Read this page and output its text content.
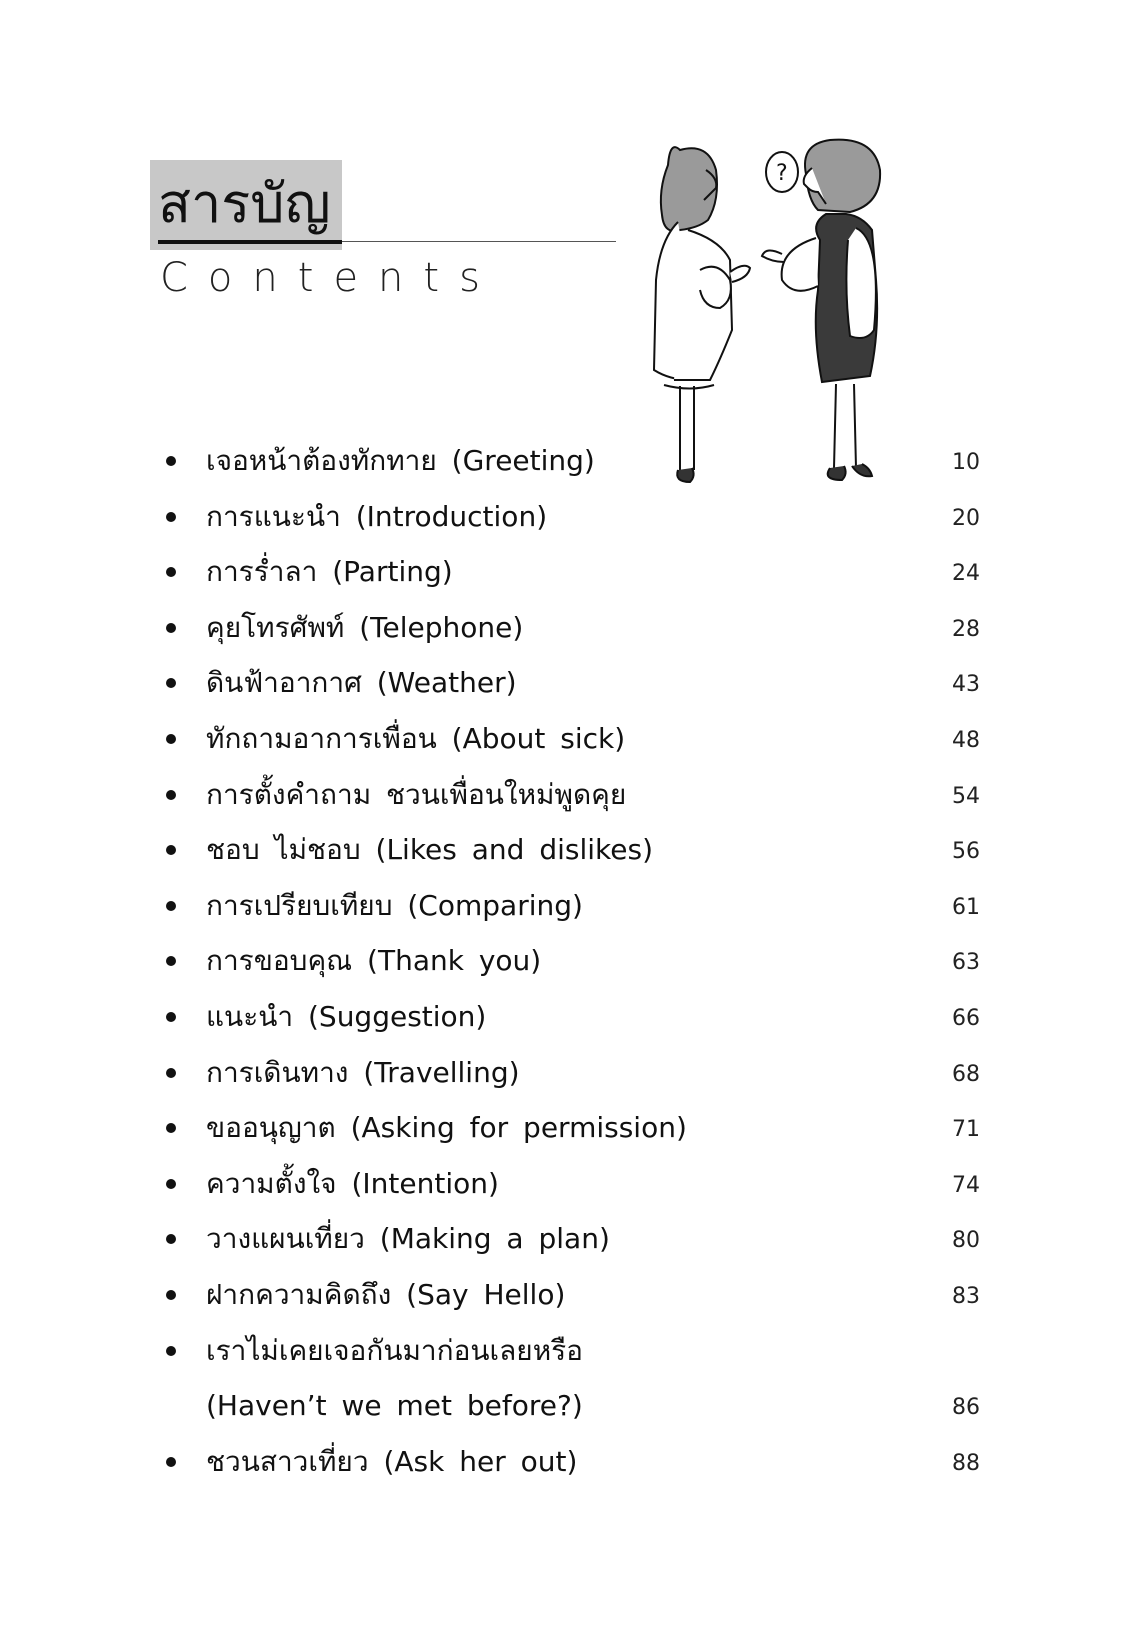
สารบัญ
Contents
?
เจอหน้าต้องทักทาย (Greeting)	10
การแนะนำ (Introduction)	20
การร่ำลา (Parting)	24
คุยโทรศัพท์ (Telephone)	28
ดินฟ้าอากาศ (Weather)	43
ทักถามอาการเพื่อน (About sick)	48
การตั้งคำถาม ชวนเพื่อนใหม่พูดคุย	54
ชอบ ไม่ชอบ (Likes and dislikes)	56
การเปรียบเทียบ (Comparing)	61
การขอบคุณ (Thank you)	63
แนะนำ (Suggestion)	66
การเดินทาง (Travelling)	68
ขออนุญาต (Asking for permission)	71
ความตั้งใจ (Intention)	74
วางแผนเที่ยว (Making a plan)	80
ฝากความคิดถึง (Say Hello)	83
เราไม่เคยเจอกันมาก่อนเลยหรือ
(Haven’t we met before?)	86
ชวนสาวเที่ยว (Ask her out)	88
